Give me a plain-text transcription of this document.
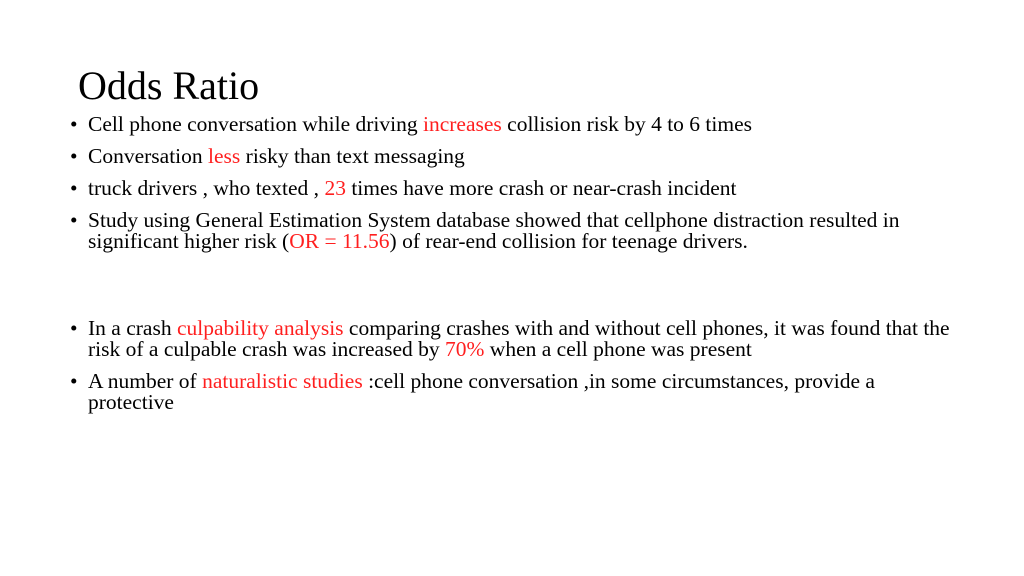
Odds Ratio
• Cell phone conversation while driving increases collision risk by 4 to 6 times
• Conversation less risky than text messaging
• truck drivers , who texted , 23 times have more crash or near-crash incident
• Study using General Estimation System database showed that cellphone distraction resulted in significant higher risk (OR = 11.56) of rear-end collision for teenage drivers.
• In a crash culpability analysis comparing crashes with and without cell phones, it was found that the risk of a culpable crash was increased by 70% when a cell phone was present
• A number of naturalistic studies :cell phone conversation ,in some circumstances, provide a protective
